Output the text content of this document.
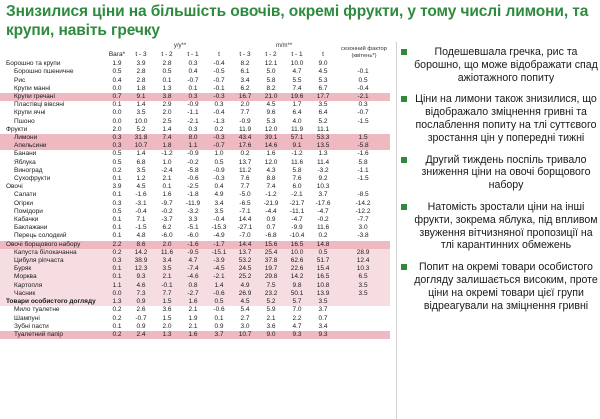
Знизилися ціни на більшість овочів, окремі фрукти, у тому числі лимони, та крупи, навіть гречку
		y/y**				m/m**				
	Вага*	t - 3	t - 2	t - 1	t	t - 3	t - 2	t - 1	t	
Борошно та крупи	1.9	3.9	2.8	0.3	-0.4	8.2	12.1	10.0	9.0	
Борошно пшеничне	0.5	2.8	0.5	0.4	-0.5	6.1	5.0	4.7	4.5	-0.1
Рис	0.4	2.8	0.1	-0.7	-0.7	3.4	5.8	5.5	5.3	0.5
Крупи манні	0.0	1.8	1.3	0.1	-0.1	6.2	8.2	7.4	6.7	-0.4
Крупи гречані	0.7	9.1	3.8	0.3	-0.3	16.7	21.0	19.6	17.7	-2.1
Пластівці вівсяні	0.1	1.4	2.9	-0.9	0.3	2.0	4.5	1.7	3.5	0.3
Крупи ячні	0.0	3.5	2.0	-1.1	-0.4	7.7	9.6	6.4	6.4	-0.7
Пшоно	0.0	10.0	2.5	-2.1	-1.3	-0.9	5.3	4.0	5.2	-1.5
Фрукти	2.0	5.2	1.4	0.3	0.2	11.9	12.0	11.9	11.1	
Лимони	0.3	31.8	7.4	8.0	-0.3	43.4	39.1	57.1	53.3	1.5
Апельсини	0.3	10.7	1.8	1.1	-0.7	17.6	14.6	9.1	13.5	-5.8
Банани	0.5	1.4	-1.2	-0.9	1.0	0.2	1.6	-1.2	1.3	-1.6
Яблука	0.5	6.8	1.0	-0.2	0.5	13.7	12.0	11.6	11.4	5.8
Виноград	0.2	3.5	-2.4	-5.8	-0.9	11.2	4.3	5.8	-3.2	-1.1
Сухофрукти	0.1	1.2	2.1	-0.6	-0.3	7.6	8.8	7.6	9.2	-1.5
Овочі	3.9	4.5	0.1	-2.5	0.4	7.7	7.4	6.0	10.3	
Салати	0.1	-1.6	1.6	-1.8	4.9	-5.0	-1.2	-2.1	3.7	-8.5
Огірки	0.3	-3.1	-9.7	-11.9	3.4	-6.5	-21.9	-21.7	-17.6	-14.2
Помідори	0.5	-0.4	-0.2	-3.2	3.5	-7.1	-4.4	-11.1	-4.7	-12.2
Кабачки	0.1	7.1	-3.7	3.3	-0.4	14.4	0.9	-4.7	-0.2	-7.7
Баклажани	0.1	-1.5	6.2	-5.1	-15.3	-27.1	0.7	-9.9	11.6	3.0
Перець солодкий	0.1	4.8	-6.0	-6.0	-4.9	-7.0	-6.8	-10.4	0.2	-3.8
Овочі борщового набору	2.2	8.6	2.0	-1.6	-1.7	14.4	15.6	16.5	14.8	
Капуста білокачанна	0.2	14.2	11.6	-9.5	-15.1	13.7	25.4	10.0	0.5	28.9
Цибуля ріпчаста	0.3	38.9	3.4	4.7	-3.9	53.2	37.8	62.6	51.7	12.4
Буряк	0.1	12.3	3.5	-7.4	-4.5	24.5	19.7	22.6	15.4	10.3
Морква	0.1	9.3	2.1	-4.6	-2.1	25.2	29.8	14.2	16.5	6.5
Картопля	1.1	4.6	-0.1	0.8	1.4	4.9	7.5	9.8	10.8	3.5
Часник	0.0	7.3	7.7	-2.7	-0.6	26.9	23.2	50.1	13.9	3.5
Товари особистого догляду	1.3	0.9	1.5	1.6	0.5	4.5	5.2	5.7	3.5	
Мило туалетне	0.2	2.6	3.6	2.1	-0.6	5.4	5.9	7.0	3.7	
Шампуні	0.2	-0.7	1.5	1.9	0.1	2.7	2.1	2.2	0.7	
Зубні пасти	0.1	0.9	2.0	2.1	0.9	3.0	3.6	4.7	3.4	
Туалетний папір	0.2	2.4	1.3	1.6	3.7	10.7	9.0	9.3	9.3	
сезонний фактор (квітень*)	Подешевшала гречка, рис та борошно, що може відображати спад ажіотажного попиту
Ціни на лимони також знизилися, що відображало зміцнення гривні та послаблення попиту на тлі суттєвого зростання цін у попередні тижні
Другий тиждень поспіль тривало зниження ціни на овочі борщового набору
Натомість зростали ціни на інші фрукти, зокрема яблука, під впливом звуження вітчизняної пропозиції на тлі карантинних обмежень
Попит на окремі товари особистого догляду залишається високим, проте ціни на окремі товари цієї групи відреагували на зміцнення гривні
